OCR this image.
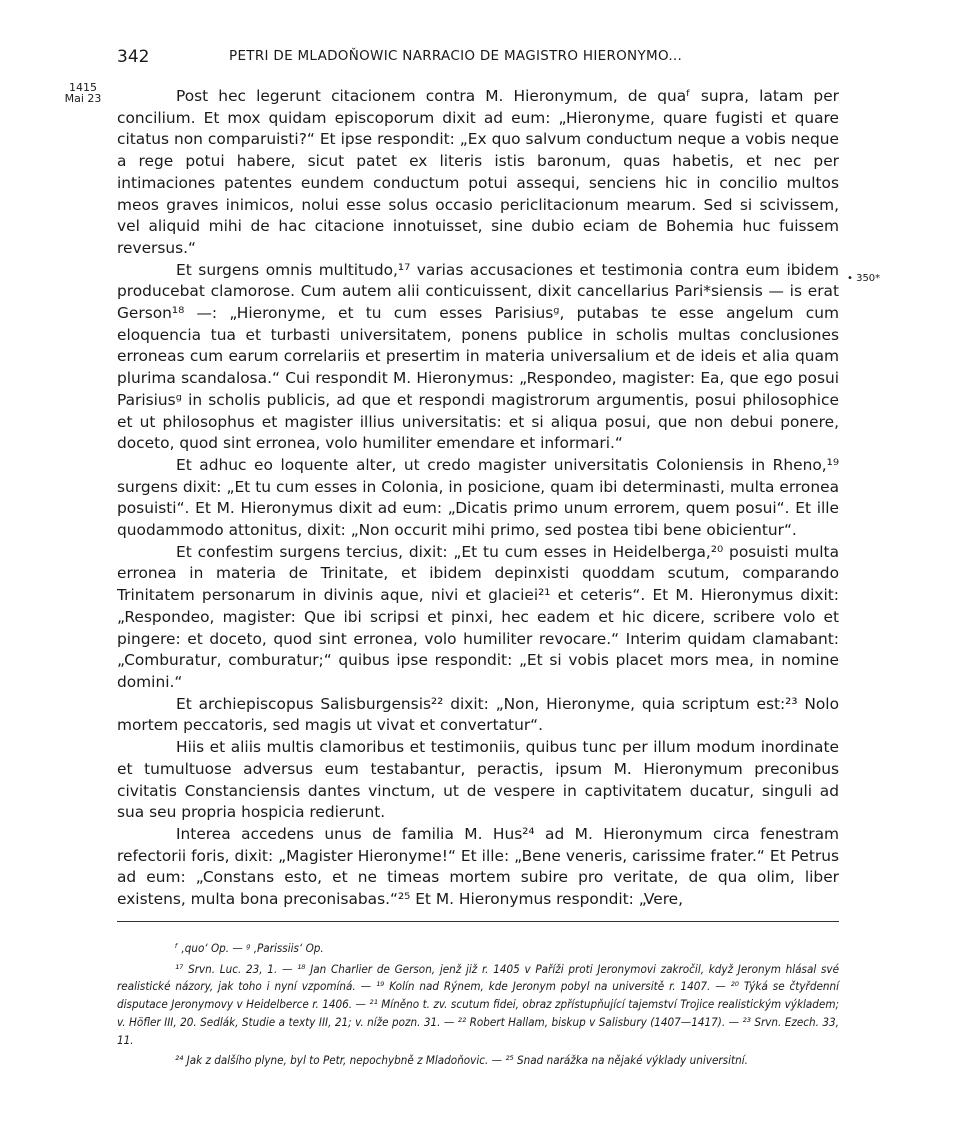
342	PETRI DE MLADOŇOWIC NARRACIO DE MAGISTRO HIERONYMO...
1415
Mai 23
• 350*

Post hec legerunt citacionem contra M. Hieronymum, de quaᶠ supra, latam per concilium. Et mox quidam episcoporum dixit ad eum: „Hieronyme, quare fugisti et quare citatus non comparuisti?“ Et ipse respondit: „Ex quo salvum conductum neque a vobis neque a rege potui habere, sicut patet ex literis istis baronum, quas habetis, et nec per intimaciones patentes eundem conductum potui assequi, senciens hic in concilio multos meos graves inimicos, nolui esse solus occasio periclitacionum mearum. Sed si scivissem, vel aliquid mihi de hac citacione innotuisset, sine dubio eciam de Bohemia huc fuissem reversus.“

Et surgens omnis multitudo,¹⁷ varias accusaciones et testimonia contra eum ibidem producebat clamorose. Cum autem alii conticuissent, dixit cancellarius Pari*siensis — is erat Gerson¹⁸ —: „Hieronyme, et tu cum esses Parisiusᵍ, putabas te esse angelum cum eloquencia tua et turbasti universitatem, ponens publice in scholis multas conclusiones erroneas cum earum correlariis et presertim in materia universalium et de ideis et alia quam plurima scandalosa.“ Cui respondit M. Hieronymus: „Respondeo, magister: Ea, que ego posui Parisiusᵍ in scholis publicis, ad que et respondi magistrorum argumentis, posui philosophice et ut philosophus et magister illius universitatis: et si aliqua posui, que non debui ponere, doceto, quod sint erronea, volo humiliter emendare et informari.“

Et adhuc eo loquente alter, ut credo magister universitatis Coloniensis in Rheno,¹⁹ surgens dixit: „Et tu cum esses in Colonia, in posicione, quam ibi determinasti, multa erronea posuisti“. Et M. Hieronymus dixit ad eum: „Dicatis primo unum errorem, quem posui“. Et ille quodammodo attonitus, dixit: „Non occurit mihi primo, sed postea tibi bene obicientur“.

Et confestim surgens tercius, dixit: „Et tu cum esses in Heidelberga,²⁰ posuisti multa erronea in materia de Trinitate, et ibidem depinxisti quoddam scutum, comparando Trinitatem personarum in divinis aque, nivi et glaciei²¹ et ceteris“. Et M. Hieronymus dixit: „Respondeo, magister: Que ibi scripsi et pinxi, hec eadem et hic dicere, scribere volo et pingere: et doceto, quod sint erronea, volo humiliter revocare.“ Interim quidam clamabant: „Comburatur, comburatur;“ quibus ipse respondit: „Et si vobis placet mors mea, in nomine domini.“

Et archiepiscopus Salisburgensis²² dixit: „Non, Hieronyme, quia scriptum est:²³ Nolo mortem peccatoris, sed magis ut vivat et convertatur“.

Hiis et aliis multis clamoribus et testimoniis, quibus tunc per illum modum inordinate et tumultuose adversus eum testabantur, peractis, ipsum M. Hieronymum preconibus civitatis Constanciensis dantes vinctum, ut de vespere in captivitatem ducatur, singuli ad sua seu propria hospicia redierunt.

Interea accedens unus de familia M. Hus²⁴ ad M. Hieronymum circa fenestram refectorii foris, dixit: „Magister Hieronyme!“ Et ille: „Bene veneris, carissime frater.“ Et Petrus ad eum: „Constans esto, et ne timeas mortem subire pro veritate, de qua olim, liber existens, multa bona preconisabas.“²⁵ Et M. Hieronymus respondit: „Vere,

ᶠ ‚quo‘ Op. — ᵍ ‚Parissiis‘ Op.

¹⁷ Srvn. Luc. 23, 1. — ¹⁸ Jan Charlier de Gerson, jenž již r. 1405 v Paříži proti Jeronymovi zakročil, když Jeronym hlásal své realistické názory, jak toho i nyní vzpomíná. — ¹⁹ Kolín nad Rýnem, kde Jeronym pobyl na universitě r. 1407. — ²⁰ Týká se čtyřdenní disputace Jeronymovy v Heidelberce r. 1406. — ²¹ Míněno t. zv. scutum fidei, obraz zpřístupňující tajemství Trojice realistickým výkladem; v. Höfler III, 20. Sedlák, Studie a texty III, 21; v. níže pozn. 31. — ²² Robert Hallam, biskup v Salisbury (1407—1417). — ²³ Srvn. Ezech. 33, 11.

²⁴ Jak z dalšího plyne, byl to Petr, nepochybně z Mladoňovic. — ²⁵ Snad narážka na nějaké výklady universitní.
